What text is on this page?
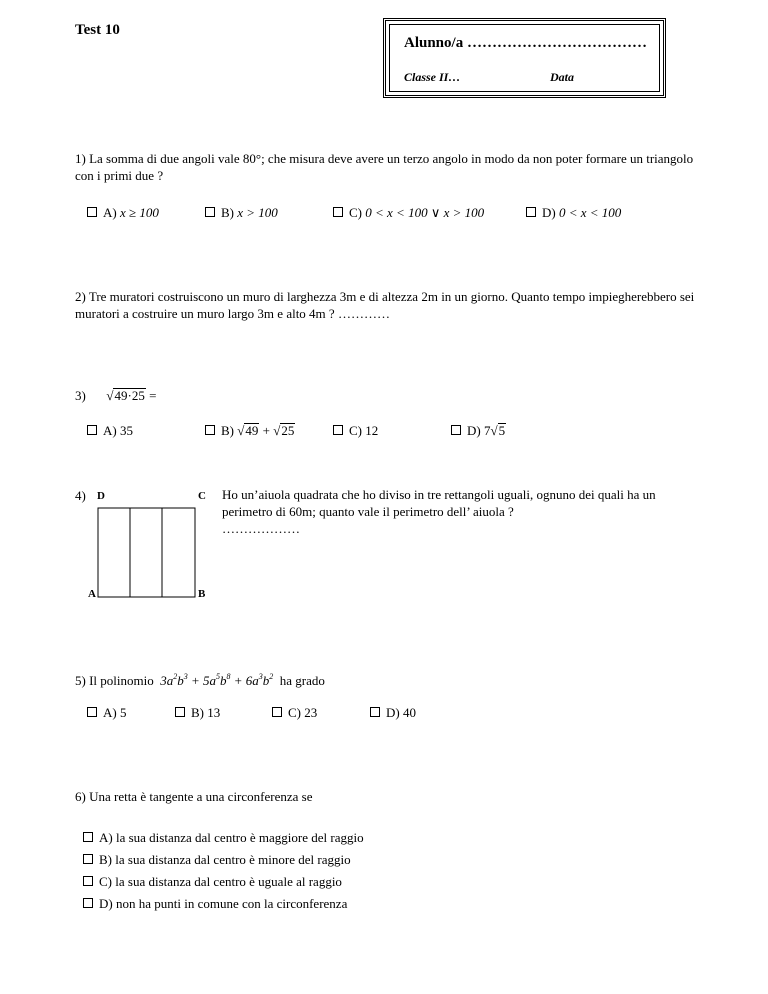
Test 10
Alunno/a ………………………………
Classe II…	Data
1) La somma di due angoli vale 80°; che misura deve avere un terzo angolo in modo da non poter formare un triangolo con i primi due ?
A) x ≥ 100	B) x > 100	C) 0 < x < 100 ∨ x > 100	D) 0 < x < 100
2) Tre muratori costruiscono un muro di larghezza 3m e di altezza 2m in un giorno. Quanto tempo impiegherebbero sei muratori a costruire un muro largo 3m e alto 4m ? …………
3) √49·25 =
A) 35	B) √49 + √25	C) 12	D) 7√5
4) D	C
A	B
Ho un’aiuola quadrata che ho diviso in tre rettangoli uguali, ognuno dei quali ha un perimetro di 60m; quanto vale il perimetro dell’ aiuola ?
………………
5) Il polinomio $3a^2b^3 + 5a^5b^8 + 6a^3b^2$ ha grado
A) 5	B) 13	C) 23	D) 40
6) Una retta è tangente a una circonferenza se
A) la sua distanza dal centro è maggiore del raggio
B) la sua distanza dal centro è minore del raggio
C) la sua distanza dal centro è uguale al raggio
D) non ha punti in comune con la circonferenza
